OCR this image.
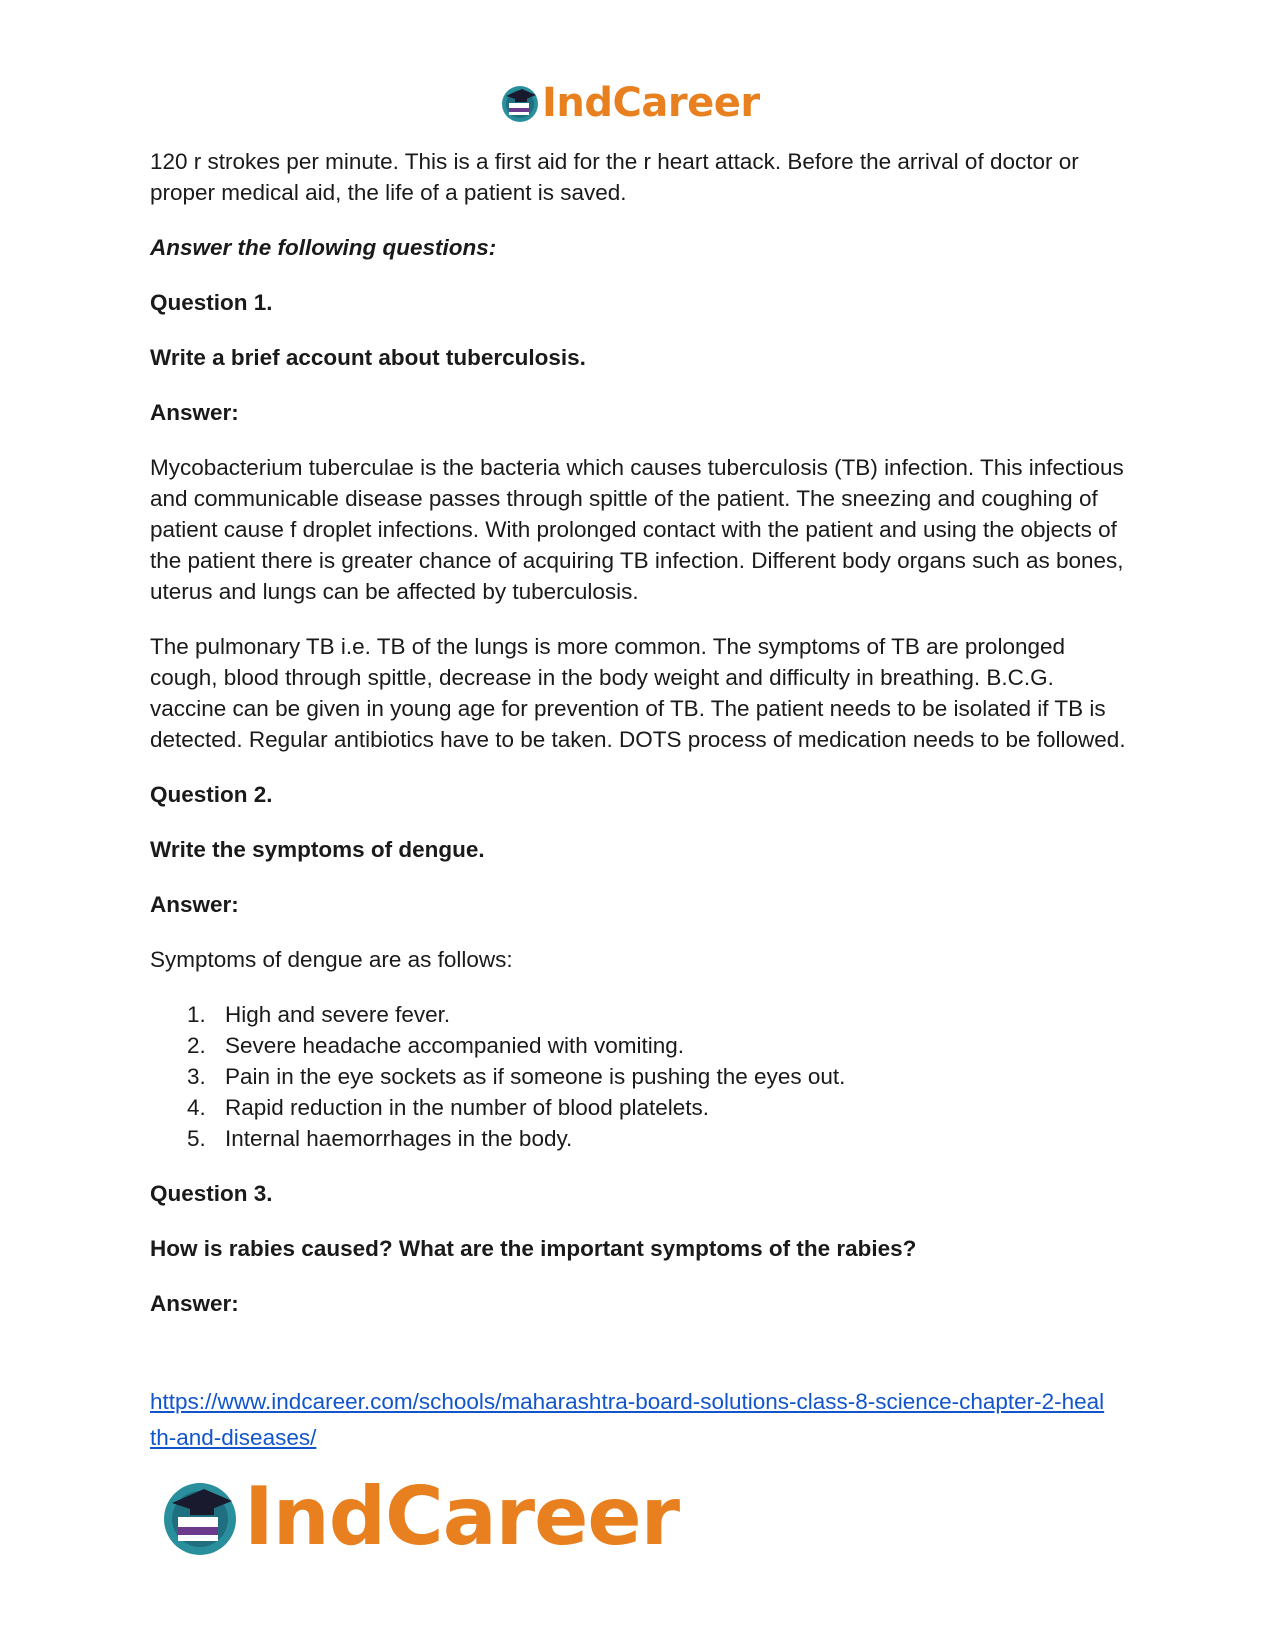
IndCareer

120 r strokes per minute. This is a first aid for the r heart attack. Before the arrival of doctor or proper medical aid, the life of a patient is saved.

Answer the following questions:

Question 1.

Write a brief account about tuberculosis.

Answer:

Mycobacterium tuberculae is the bacteria which causes tuberculosis (TB) infection. This infectious and communicable disease passes through spittle of the patient. The sneezing and coughing of patient cause f droplet infections. With prolonged contact with the patient and using the objects of the patient there is greater chance of acquiring TB infection. Different body organs such as bones, uterus and lungs can be affected by tuberculosis.

The pulmonary TB i.e. TB of the lungs is more common. The symptoms of TB are prolonged cough, blood through spittle, decrease in the body weight and difficulty in breathing. B.C.G. vaccine can be given in young age for prevention of TB. The patient needs to be isolated if TB is detected. Regular antibiotics have to be taken. DOTS process of medication needs to be followed.

Question 2.

Write the symptoms of dengue.

Answer:

Symptoms of dengue are as follows:

1. High and severe fever.
2. Severe headache accompanied with vomiting.
3. Pain in the eye sockets as if someone is pushing the eyes out.
4. Rapid reduction in the number of blood platelets.
5. Internal haemorrhages in the body.

Question 3.

How is rabies caused? What are the important symptoms of the rabies?

Answer:

https://www.indcareer.com/schools/maharashtra-board-solutions-class-8-science-chapter-2-heal
th-and-diseases/
IndCareer
